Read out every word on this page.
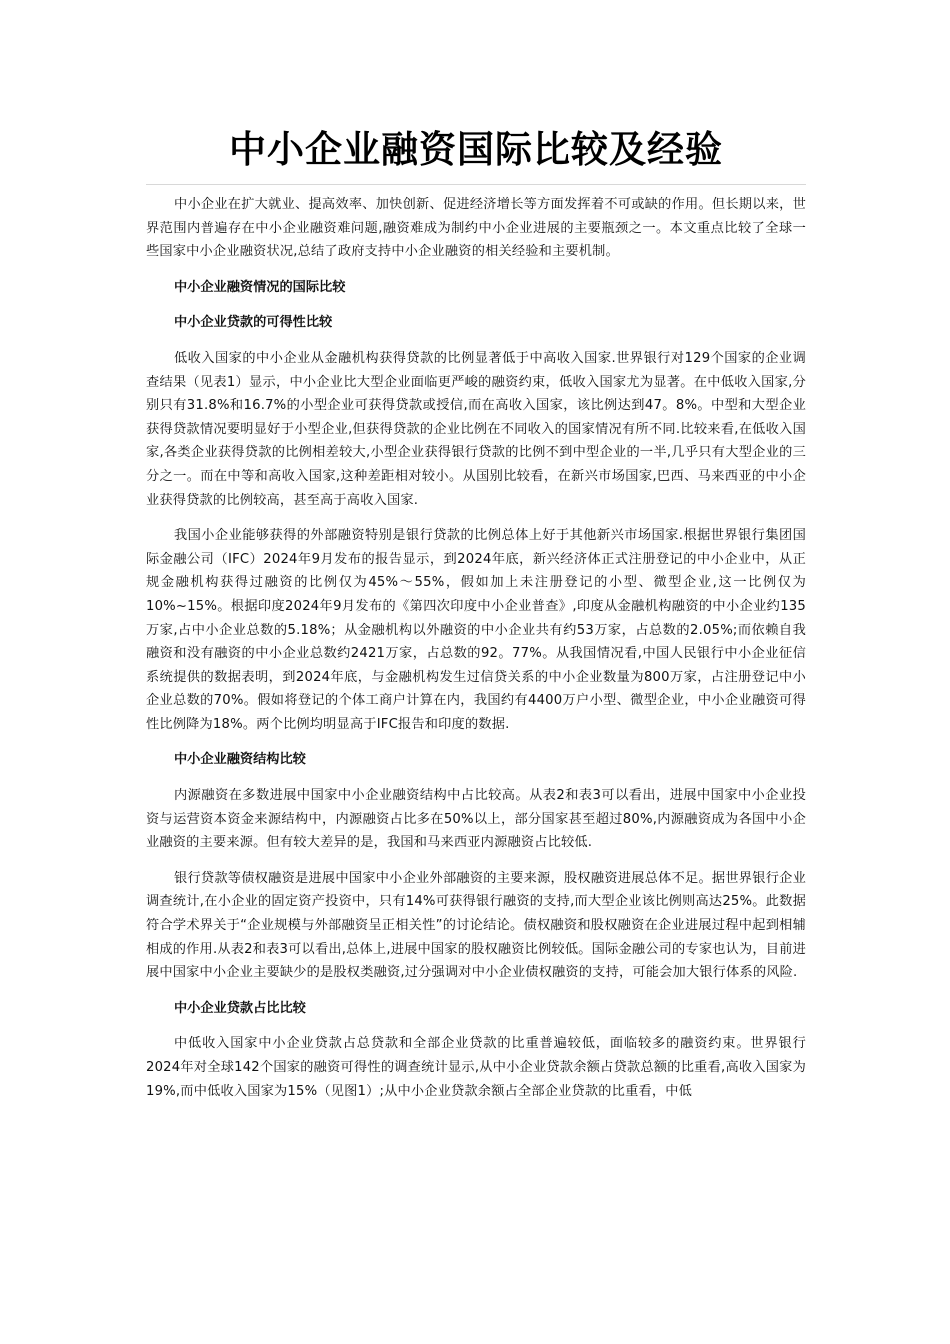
中小企业融资国际比较及经验

中小企业在扩大就业、提高效率、加快创新、促进经济增长等方面发挥着不可或缺的作用。但长期以来，世界范围内普遍存在中小企业融资难问题,融资难成为制约中小企业进展的主要瓶颈之一。本文重点比较了全球一些国家中小企业融资状况,总结了政府支持中小企业融资的相关经验和主要机制。

中小企业融资情况的国际比较

中小企业贷款的可得性比较

低收入国家的中小企业从金融机构获得贷款的比例显著低于中高收入国家.世界银行对129个国家的企业调查结果（见表1）显示，中小企业比大型企业面临更严峻的融资约束，低收入国家尤为显著。在中低收入国家,分别只有31.8%和16.7%的小型企业可获得贷款或授信,而在高收入国家，该比例达到47。8%。中型和大型企业获得贷款情况要明显好于小型企业,但获得贷款的企业比例在不同收入的国家情况有所不同.比较来看,在低收入国家,各类企业获得贷款的比例相差较大,小型企业获得银行贷款的比例不到中型企业的一半,几乎只有大型企业的三分之一。而在中等和高收入国家,这种差距相对较小。从国别比较看，在新兴市场国家,巴西、马来西亚的中小企业获得贷款的比例较高，甚至高于高收入国家.

我国小企业能够获得的外部融资特别是银行贷款的比例总体上好于其他新兴市场国家.根据世界银行集团国际金融公司（IFC）2024年9月发布的报告显示，到2024年底，新兴经济体正式注册登记的中小企业中，从正规金融机构获得过融资的比例仅为45%～55%，假如加上未注册登记的小型、微型企业,这一比例仅为10%~15%。根据印度2024年9月发布的《第四次印度中小企业普查》,印度从金融机构融资的中小企业约135万家,占中小企业总数的5.18%；从金融机构以外融资的中小企业共有约53万家，占总数的2.05%;而依赖自我融资和没有融资的中小企业总数约2421万家，占总数的92。77%。从我国情况看,中国人民银行中小企业征信系统提供的数据表明，到2024年底，与金融机构发生过信贷关系的中小企业数量为800万家，占注册登记中小企业总数的70%。假如将登记的个体工商户计算在内，我国约有4400万户小型、微型企业，中小企业融资可得性比例降为18%。两个比例均明显高于IFC报告和印度的数据.

中小企业融资结构比较

内源融资在多数进展中国家中小企业融资结构中占比较高。从表2和表3可以看出，进展中国家中小企业投资与运营资本资金来源结构中，内源融资占比多在50%以上，部分国家甚至超过80%,内源融资成为各国中小企业融资的主要来源。但有较大差异的是，我国和马来西亚内源融资占比较低.

银行贷款等债权融资是进展中国家中小企业外部融资的主要来源，股权融资进展总体不足。据世界银行企业调查统计,在小企业的固定资产投资中，只有14%可获得银行融资的支持,而大型企业该比例则高达25%。此数据符合学术界关于“企业规模与外部融资呈正相关性”的讨论结论。债权融资和股权融资在企业进展过程中起到相辅相成的作用.从表2和表3可以看出,总体上,进展中国家的股权融资比例较低。国际金融公司的专家也认为，目前进展中国家中小企业主要缺少的是股权类融资,过分强调对中小企业债权融资的支持，可能会加大银行体系的风险.

中小企业贷款占比比较

中低收入国家中小企业贷款占总贷款和全部企业贷款的比重普遍较低，面临较多的融资约束。世界银行2024年对全球142个国家的融资可得性的调查统计显示,从中小企业贷款余额占贷款总额的比重看,高收入国家为19%,而中低收入国家为15%（见图1）;从中小企业贷款余额占全部企业贷款的比重看，中低
